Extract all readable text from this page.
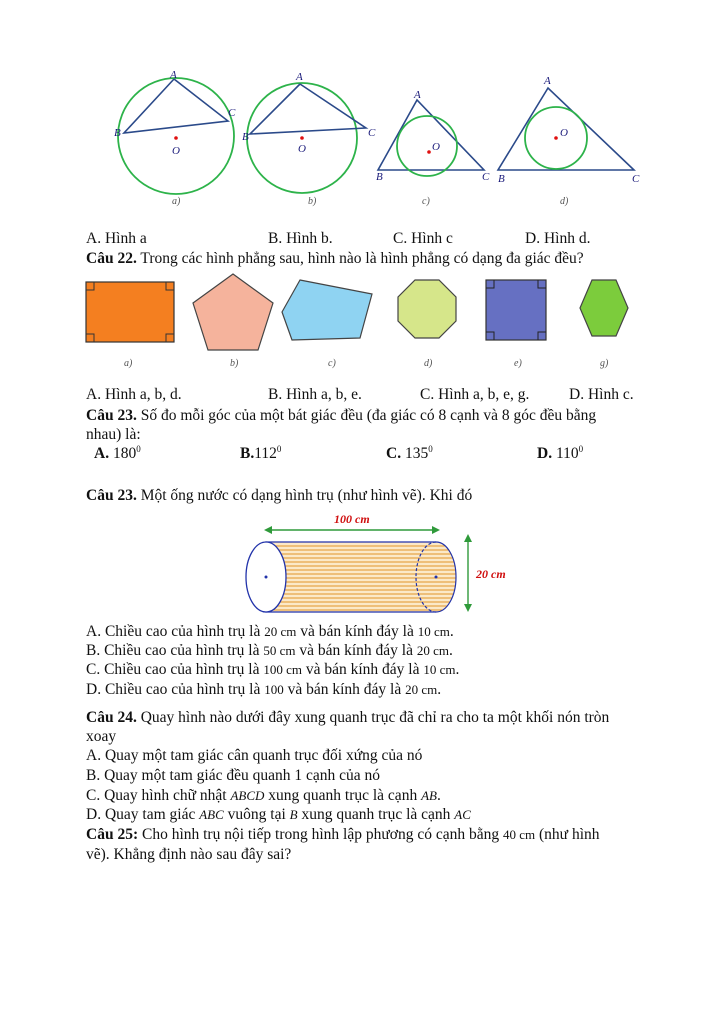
A
B
C
O
a)
A
B	C
O
b)
A
B	C
O
c)
A
B	C
O
d)
A. Hình a	B. Hình b.	C. Hình c	D. Hình d.
Câu 22. Trong các hình phẳng sau, hình nào là hình phẳng có dạng đa giác đều?
a)	b)	c)	d)	e)	g)
A. Hình a, b, d.	B. Hình a, b, e.	C. Hình a, b, e, g.	D. Hình c.
Câu 23. Số đo mỗi góc của một bát giác đều (đa giác có 8 cạnh và 8 góc đều bằng
nhau) là:
A. $180^0$	B.112$^0$	C. $135^0$	D. $110^0$
Câu 23. Một ống nước có dạng hình trụ (như hình vẽ). Khi đó
100 cm
20 cm
A. Chiều cao của hình trụ là 20 cm và bán kính đáy là 10 cm.
B. Chiều cao của hình trụ là 50 cm và bán kính đáy là 20 cm.
C. Chiều cao của hình trụ là 100 cm và bán kính đáy là 10 cm.
D. Chiều cao của hình trụ là 100 và bán kính đáy là 20 cm.
Câu 24. Quay hình nào dưới đây xung quanh trục đã chỉ ra cho ta một khối nón tròn
xoay
A. Quay một tam giác cân quanh trục đối xứng của nó
B. Quay một tam giác đều quanh 1 cạnh của nó
C. Quay hình chữ nhật ABCD xung quanh trục là cạnh AB.
D. Quay tam giác ABC vuông tại B xung quanh trục là cạnh AC
Câu 25: Cho hình trụ nội tiếp trong hình lập phương có cạnh bằng 40 cm (như hình
vẽ). Khẳng định nào sau đây sai?
